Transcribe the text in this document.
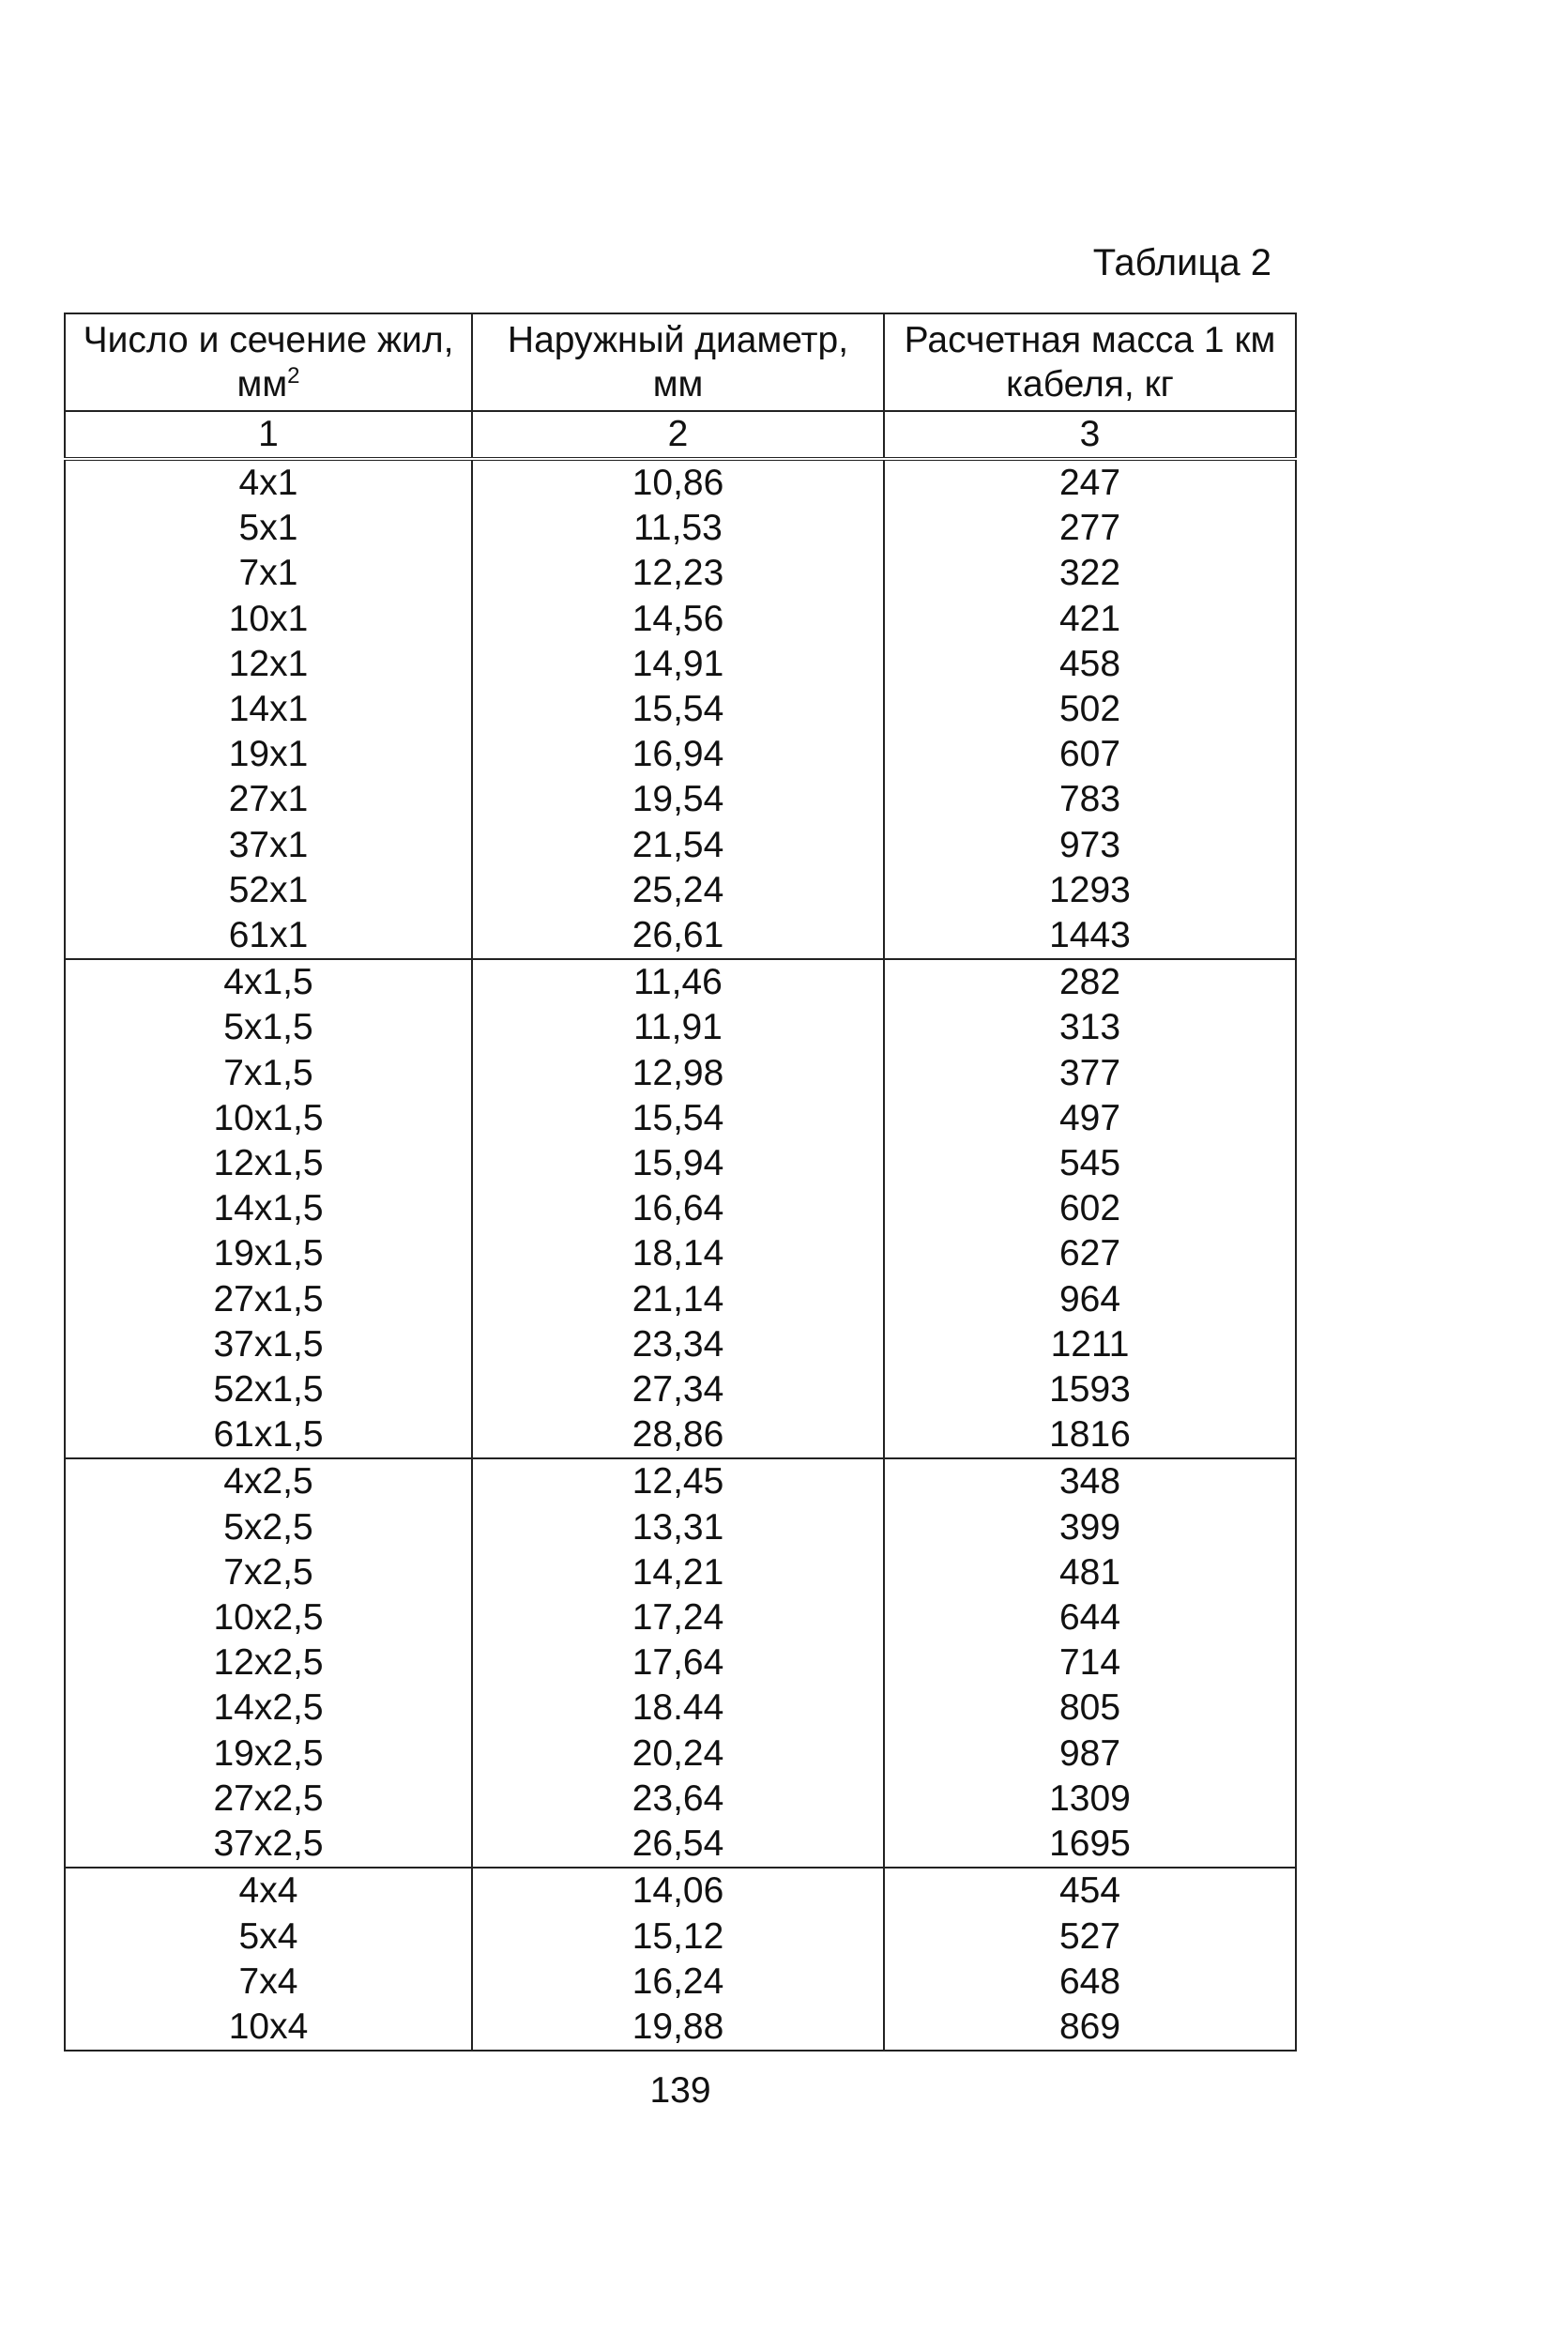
Таблица 2
Число и сечение жил, $мм^2$	Наружный диаметр, мм	Расчетная масса 1 км кабеля, кг
1	2	3
4х1	10,86	247
5х1	11,53	277
7х1	12,23	322
10х1	14,56	421
12х1	14,91	458
14х1	15,54	502
19х1	16,94	607
27х1	19,54	783
37х1	21,54	973
52х1	25,24	1293
61х1	26,61	1443
4х1,5	11,46	282
5х1,5	11,91	313
7х1,5	12,98	377
10х1,5	15,54	497
12х1,5	15,94	545
14х1,5	16,64	602
19х1,5	18,14	627
27х1,5	21,14	964
37х1,5	23,34	1211
52х1,5	27,34	1593
61х1,5	28,86	1816
4х2,5	12,45	348
5х2,5	13,31	399
7х2,5	14,21	481
10х2,5	17,24	644
12х2,5	17,64	714
14х2,5	18.44	805
19х2,5	20,24	987
27х2,5	23,64	1309
37х2,5	26,54	1695
4х4	14,06	454
5х4	15,12	527
7х4	16,24	648
10х4	19,88	869
139
